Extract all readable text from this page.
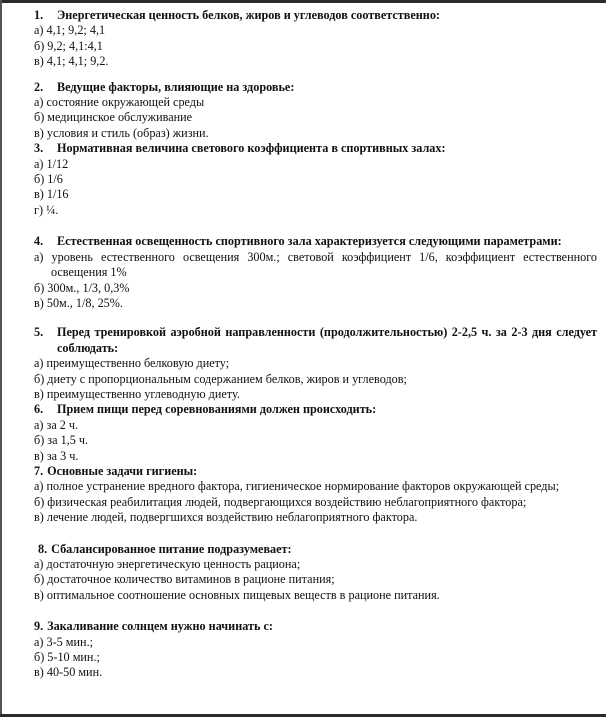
1.	Энергетическая ценность белков, жиров и углеводов соответственно:
а) 4,1; 9,2; 4,1
б) 9,2; 4,1:4,1
в) 4,1; 4,1; 9,2.
2.	Ведущие факторы, влияющие на здоровье:
а) состояние окружающей среды
б) медицинское обслуживание
в) условия и стиль (образ) жизни.
3.	Нормативная величина светового коэффициента в спортивных залах:
а) 1/12
б) 1/6
в) 1/16
г) ¼.
4. Естественная освещенность спортивного зала характеризуется следующими параметрами:
а) уровень естественного освещения 300м.; световой коэффициент 1/6, коэффициент естественного освещения 1%
б) 300м., 1/3, 0,3%
в) 50м., 1/8, 25%.
5. Перед тренировкой аэробной направленности (продолжительностью) 2-2,5 ч. за 2-3 дня следует соблюдать:
а) преимущественно белковую диету;
б) диету с пропорциональным содержанием белков, жиров и углеводов;
в) преимущественно углеводную диету.
6.	Прием пищи перед соревнованиями должен происходить:
а) за 2 ч.
б) за 1,5 ч.
в) за 3 ч.
7. Основные задачи гигиены:
а) полное устранение вредного фактора, гигиеническое нормирование факторов окружающей среды;
б) физическая реабилитация людей, подвергающихся воздействию неблагоприятного фактора;
в) лечение людей, подвергшихся воздействию неблагоприятного фактора.
8. Сбалансированное питание подразумевает:
а) достаточную энергетическую ценность рациона;
б) достаточное количество витаминов в рационе питания;
в) оптимальное соотношение основных пищевых веществ в рационе питания.
9. Закаливание солнцем нужно начинать с:
а) 3-5 мин.;
б) 5-10 мин.;
в) 40-50 мин.
